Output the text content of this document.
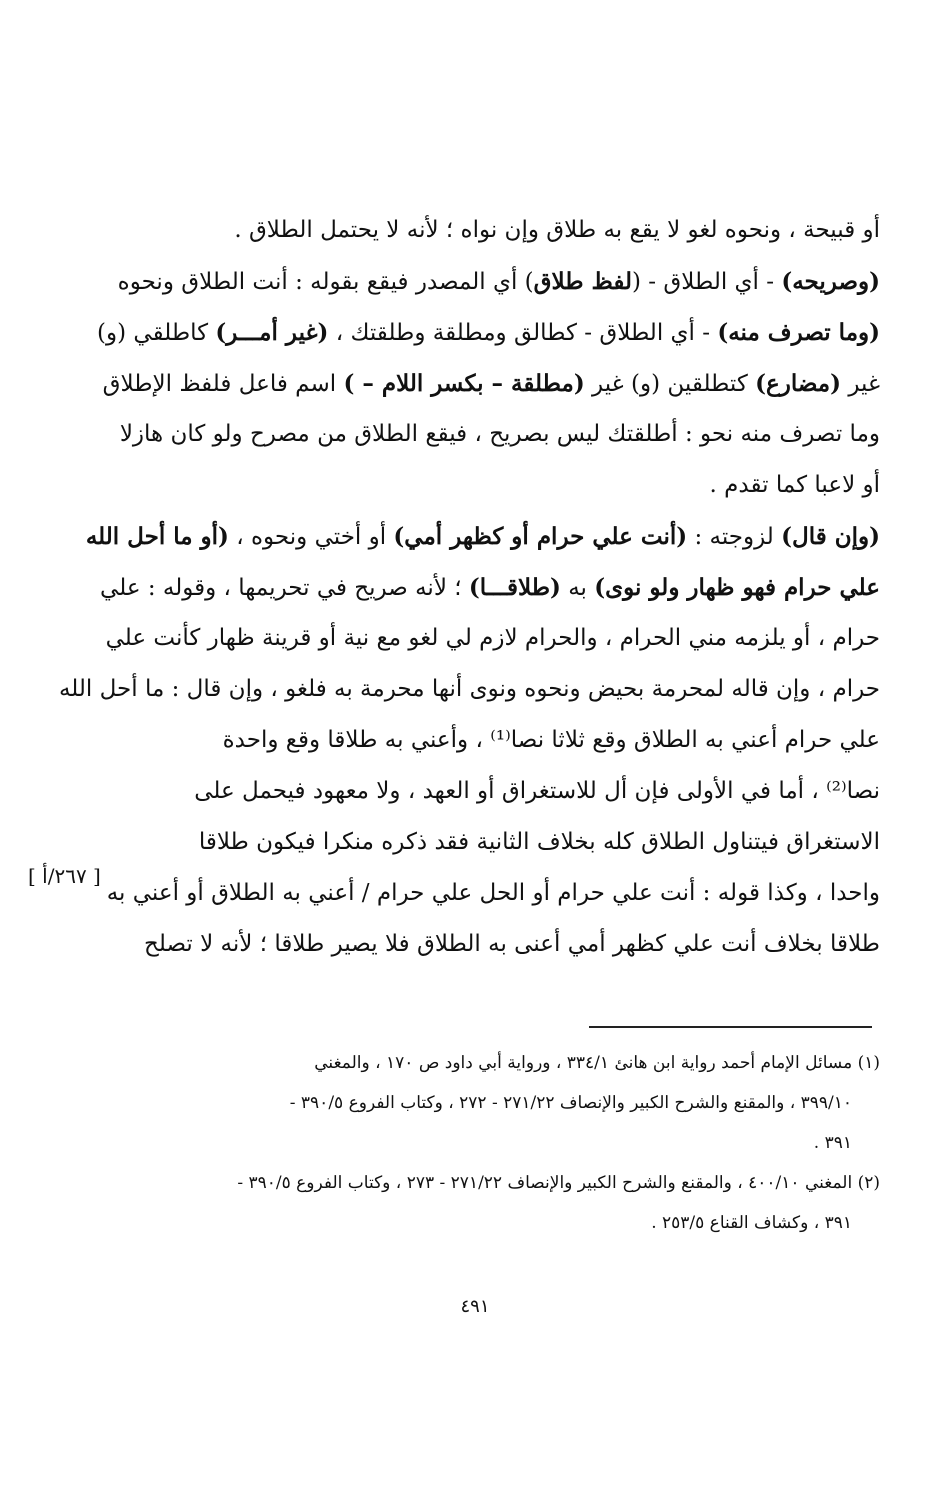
أو قبيحة ، ونحوه لغو لا يقع به طلاق وإن نواه ؛ لأنه لا يحتمل الطلاق .
(وصريحه) - أي الطلاق - (لفظ طلاق) أي المصدر فيقع بقوله : أنت الطلاق ونحوه
(وما تصرف منه) - أي الطلاق - كطالق ومطلقة وطلقتك ، (غير أمـــر) كاطلقي (و)
غير (مضارع) كتطلقين (و) غير (مطلقة – بكسر اللام – ) اسم فاعل فلفظ الإطلاق
وما تصرف منه نحو : أطلقتك ليس بصريح ، فيقع الطلاق من مصرح ولو كان هازلا
أو لاعبا كما تقدم .
(وإن قال) لزوجته : (أنت علي حرام أو كظهر أمي) أو أختي ونحوه ، (أو ما أحل الله
علي حرام فهو ظهار ولو نوى) به (طلاقـــا) ؛ لأنه صريح في تحريمها ، وقوله : علي
حرام ، أو يلزمه مني الحرام ، والحرام لازم لي لغو مع نية أو قرينة ظهار كأنت علي
حرام ، وإن قاله لمحرمة بحيض ونحوه ونوى أنها محرمة به فلغو ، وإن قال : ما أحل الله
علي حرام أعني به الطلاق وقع ثلاثا نصا⁽¹⁾ ، وأعني به طلاقا وقع واحدة
نصا⁽²⁾ ، أما في الأولى فإن أل للاستغراق أو العهد ، ولا معهود فيحمل على
الاستغراق فيتناول الطلاق كله بخلاف الثانية فقد ذكره منكرا فيكون طلاقا
واحدا ، وكذا قوله : أنت علي حرام أو الحل علي حرام / أعني به الطلاق أو أعني به
طلاقا بخلاف أنت علي كظهر أمي أعنى به الطلاق فلا يصير طلاقا ؛ لأنه لا تصلح
[ ٢٦٧/أ ]
(١) مسائل الإمام أحمد رواية ابن هانئ ٣٣٤/١ ، ورواية أبي داود ص ١٧٠ ، والمغني
٣٩٩/١٠ ، والمقنع والشرح الكبير والإنصاف ٢٧١/٢٢ - ٢٧٢ ، وكتاب الفروع ٣٩٠/٥ -
٣٩١ .
(٢) المغني ٤٠٠/١٠ ، والمقنع والشرح الكبير والإنصاف ٢٧١/٢٢ - ٢٧٣ ، وكتاب الفروع ٣٩٠/٥ -
٣٩١ ، وكشاف القناع ٢٥٣/٥ .
٤٩١
